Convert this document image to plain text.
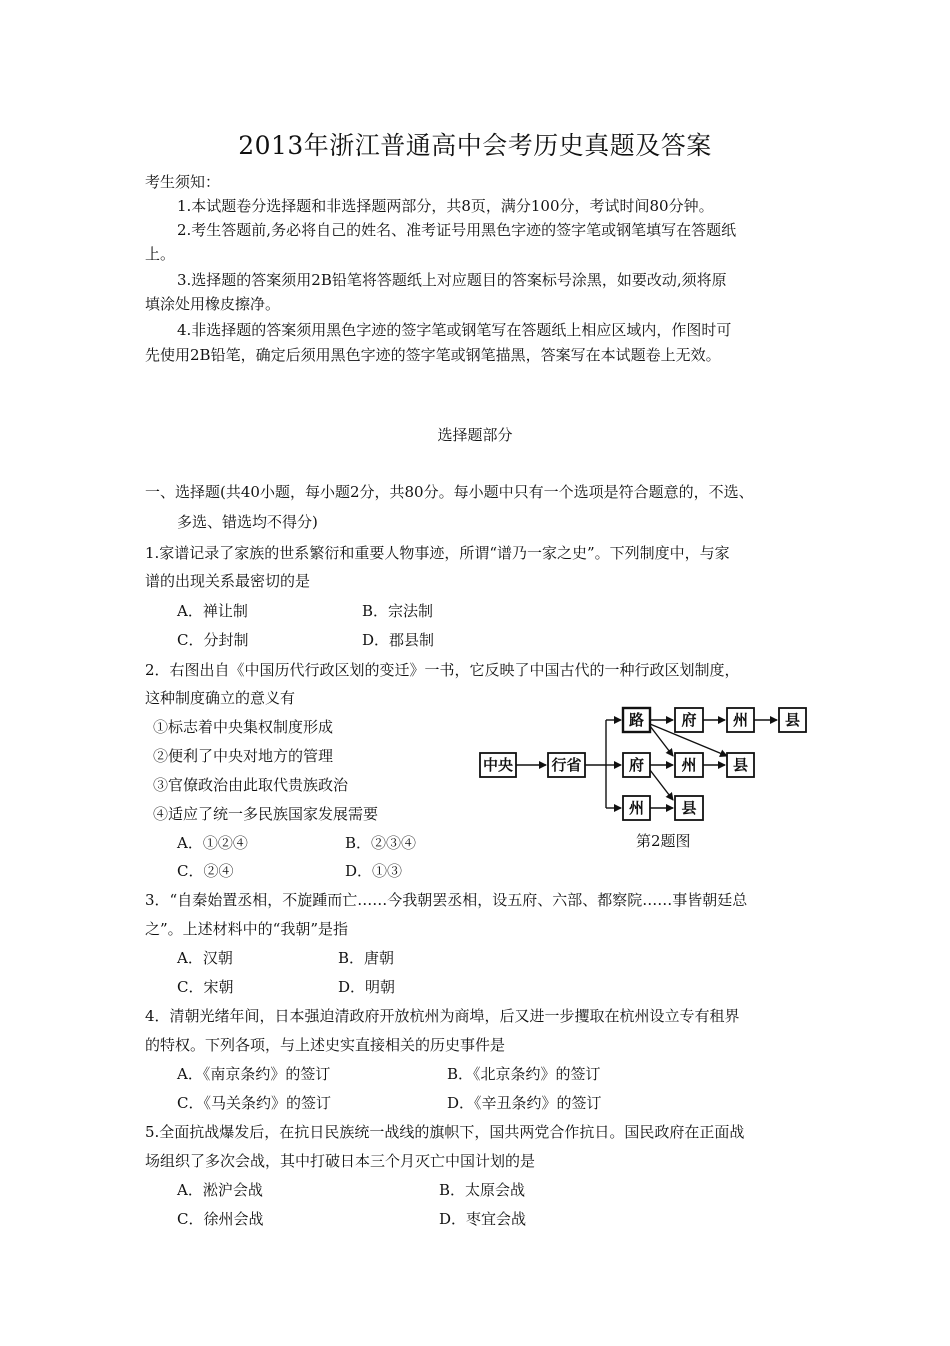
2013年浙江普通高中会考历史真题及答案
考生须知：
1.本试题卷分选择题和非选择题两部分，共8页，满分100分，考试时间80分钟。
2.考生答题前,务必将自己的姓名、准考证号用黑色字迹的签字笔或钢笔填写在答题纸
上。
3.选择题的答案须用2B铅笔将答题纸上对应题目的答案标号涂黑，如要改动,须将原
填涂处用橡皮擦净。
4.非选择题的答案须用黑色字迹的签字笔或钢笔写在答题纸上相应区域内，作图时可
先使用2B铅笔，确定后须用黑色字迹的签字笔或钢笔描黑，答案写在本试题卷上无效。
选择题部分
一、选择题(共40小题，每小题2分，共80分。每小题中只有一个选项是符合题意的，不选、
多选、错选均不得分)
1.家谱记录了家族的世系繁衍和重要人物事迹，所谓“谱乃一家之史”。下列制度中，与家
谱的出现关系最密切的是
A．禅让制	B．宗法制
C．分封制	D．郡县制
2．右图出自《中国历代行政区划的变迁》一书，它反映了中国古代的一种行政区划制度，
这种制度确立的意义有
①标志着中央集权制度形成
②便利了中央对地方的管理
③官僚政治由此取代贵族政治
④适应了统一多民族国家发展需要
A．①②④	B．②③④
C．②④	D．①③
中央	行省
路 府 州 县
府 州 县
州 县
第2题图
3．“自秦始置丞相，不旋踵而亡……今我朝罢丞相，设五府、六部、都察院……事皆朝廷总
之”。上述材料中的“我朝”是指
A．汉朝	B．唐朝
C．宋朝	D．明朝
4．清朝光绪年间，日本强迫清政府开放杭州为商埠，后又进一步攫取在杭州设立专有租界
的特权。下列各项，与上述史实直接相关的历史事件是
A．《南京条约》的签订	B．《北京条约》的签订
C．《马关条约》的签订	D．《辛丑条约》的签订
5.全面抗战爆发后，在抗日民族统一战线的旗帜下，国共两党合作抗日。国民政府在正面战
场组织了多次会战，其中打破日本三个月灭亡中国计划的是
A．淞沪会战	B．太原会战
C．徐州会战	D．枣宜会战
